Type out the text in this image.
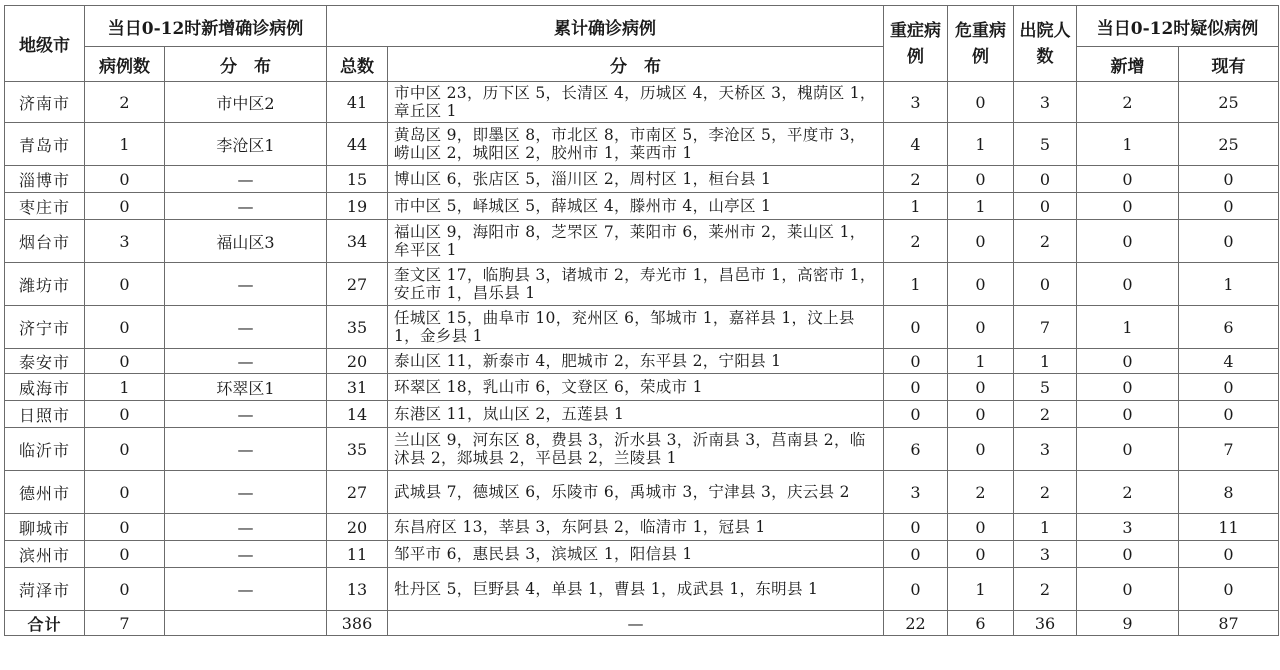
地级市	当日0-12时新增确诊病例		累计确诊病例		重症病例	危重病例	出院人数	当日0-12时疑似病例	
	病例数	分　布	总数	分　布				新增	现有
济南市	2	市中区2	41	市中区 23，历下区 5，长清区 4，历城区 4，天桥区 3，槐荫区 1，章丘区 1	3	0	3	2	25
青岛市	1	李沧区1	44	黄岛区 9，即墨区 8，市北区 8，市南区 5，李沧区 5，平度市 3，崂山区 2，城阳区 2，胶州市 1，莱西市 1	4	1	5	1	25
淄博市	0	—	15	博山区 6，张店区 5，淄川区 2，周村区 1，桓台县 1	2	0	0	0	0
枣庄市	0	—	19	市中区 5，峄城区 5，薛城区 4，滕州市 4，山亭区 1	1	1	0	0	0
烟台市	3	福山区3	34	福山区 9，海阳市 8，芝罘区 7，莱阳市 6，莱州市 2，莱山区 1，牟平区 1	2	0	2	0	0
潍坊市	0	—	27	奎文区 17，临朐县 3，诸城市 2，寿光市 1，昌邑市 1，高密市 1，安丘市 1，昌乐县 1	1	0	0	0	1
济宁市	0	—	35	任城区 15，曲阜市 10，兖州区 6，邹城市 1，嘉祥县 1，汶上县 1，金乡县 1	0	0	7	1	6
泰安市	0	—	20	泰山区 11，新泰市 4，肥城市 2，东平县 2，宁阳县 1	0	1	1	0	4
威海市	1	环翠区1	31	环翠区 18，乳山市 6，文登区 6，荣成市 1	0	0	5	0	0
日照市	0	—	14	东港区 11，岚山区 2，五莲县 1	0	0	2	0	0
临沂市	0	—	35	兰山区 9，河东区 8，费县 3，沂水县 3，沂南县 3，莒南县 2，临沭县 2，郯城县 2，平邑县 2，兰陵县 1	6	0	3	0	7
德州市	0	—	27	武城县 7，德城区 6，乐陵市 6，禹城市 3，宁津县 3，庆云县 2	3	2	2	2	8
聊城市	0	—	20	东昌府区 13，莘县 3，东阿县 2，临清市 1，冠县 1	0	0	1	3	11
滨州市	0	—	11	邹平市 6，惠民县 3，滨城区 1，阳信县 1	0	0	3	0	0
菏泽市	0	—	13	牡丹区 5，巨野县 4，单县 1，曹县 1，成武县 1，东明县 1	0	1	2	0	0
合计	7		386	—	22	6	36	9	87
